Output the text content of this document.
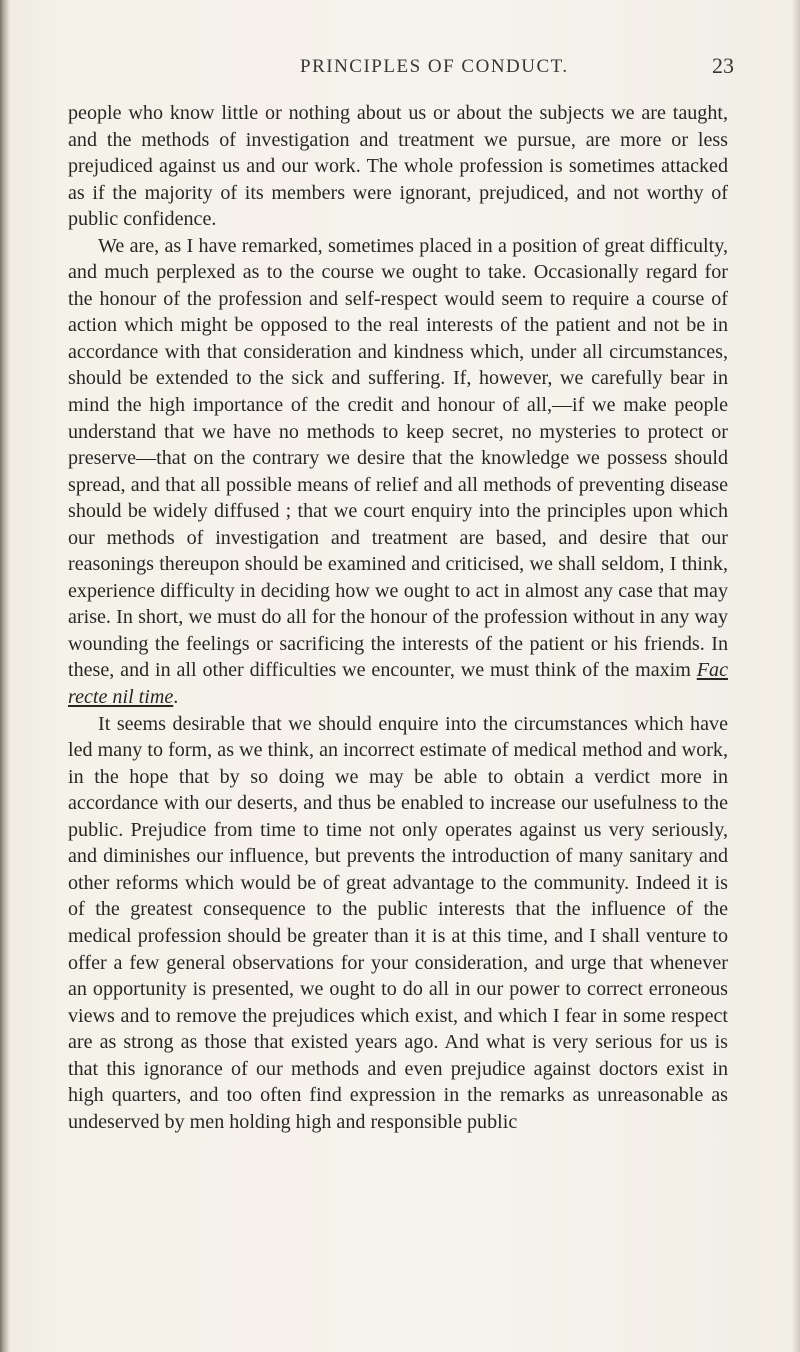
PRINCIPLES OF CONDUCT.	23

people who know little or nothing about us or about the subjects we are taught, and the methods of investigation and treatment we pursue, are more or less prejudiced against us and our work. The whole profession is sometimes attacked as if the majority of its members were ignorant, prejudiced, and not worthy of public confidence.

We are, as I have remarked, sometimes placed in a position of great difficulty, and much perplexed as to the course we ought to take. Occasionally regard for the honour of the profession and self-respect would seem to require a course of action which might be opposed to the real interests of the patient and not be in accordance with that consideration and kindness which, under all circumstances, should be extended to the sick and suffering. If, however, we carefully bear in mind the high importance of the credit and honour of all,—if we make people understand that we have no methods to keep secret, no mysteries to protect or preserve—that on the contrary we desire that the knowledge we possess should spread, and that all possible means of relief and all methods of preventing disease should be widely diffused ; that we court enquiry into the principles upon which our methods of investigation and treatment are based, and desire that our reasonings thereupon should be examined and criticised, we shall seldom, I think, experience difficulty in deciding how we ought to act in almost any case that may arise. In short, we must do all for the honour of the profession without in any way wounding the feelings or sacrificing the interests of the patient or his friends. In these, and in all other difficulties we encounter, we must think of the maxim Fac recte nil time.

It seems desirable that we should enquire into the circumstances which have led many to form, as we think, an incorrect estimate of medical method and work, in the hope that by so doing we may be able to obtain a verdict more in accordance with our deserts, and thus be enabled to increase our usefulness to the public. Prejudice from time to time not only operates against us very seriously, and diminishes our influence, but prevents the introduction of many sanitary and other reforms which would be of great advantage to the community. Indeed it is of the greatest consequence to the public interests that the influence of the medical profession should be greater than it is at this time, and I shall venture to offer a few general observations for your consideration, and urge that whenever an opportunity is presented, we ought to do all in our power to correct erroneous views and to remove the prejudices which exist, and which I fear in some respect are as strong as those that existed years ago. And what is very serious for us is that this ignorance of our methods and even prejudice against doctors exist in high quarters, and too often find expression in the remarks as unreasonable as undeserved by men holding high and responsible public
